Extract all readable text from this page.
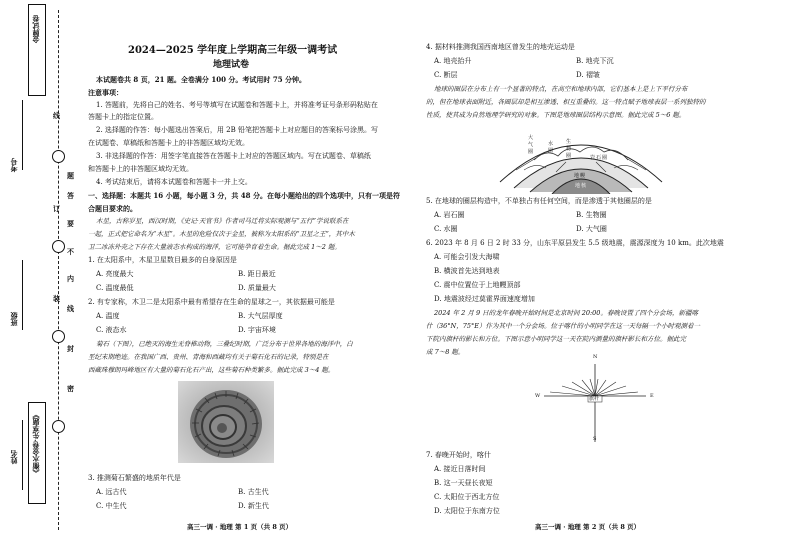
金牌试卷
《衡水金卷·先享题》
姓名
班级
考号
线
订
装
题
答
要
不
内
线
封
密
2024—2025 学年度上学期高三年级一调考试
地理试卷
本试题卷共 8 页，21 题。全卷满分 100 分。考试用时 75 分钟。
注意事项：
1. 答题前，先将自己的姓名、考号等填写在试题卷和答题卡上，并将准考证号条形码粘贴在
答题卡上的指定位置。
2. 选择题的作答：每小题选出答案后，用 2B 铅笔把答题卡上对应题目的答案标号涂黑。写
在试题卷、草稿纸和答题卡上的非答题区域均无效。
3. 非选择题的作答：用签字笔直接答在答题卡上对应的答题区域内。写在试题卷、草稿纸
和答题卡上的非答题区域均无效。
4. 考试结束后，请将本试题卷和答题卡一并上交。
一、选择题：本题共 16 小题，每小题 3 分，共 48 分。在每小题给出的四个选项中，只有一项是符
合题目要求的。
木星，古称岁星，西汉时期，《史记·天官书》作者司马迁将实际观测与“五行”学说联系在
一起，正式把它命名为“木星”。木星的危险仅次于金星，被称为太阳系的“卫星之王”，其中木
卫二冰冻外壳之下存在大量液态水构成的海洋，它可能孕育着生命。据此完成 1～2 题。
1. 在太阳系中，木星卫星数目最多的自身原因是
A. 亮度最大	B. 距日最近
C. 温度最低	D. 质量最大
2. 有专家称，木卫二是太阳系中最有希望存在生命的星球之一，其依据最可能是
A. 温度	B. 大气层厚度
C. 液态水	D. 宇宙环境
菊石（下图），已绝灭的海生无脊椎动物，三叠纪时期，广泛分布于世界各地的海洋中，白
垩纪末期绝迹。在我国广西、贵州、青海和西藏均有关于菊石化石的记录，特别是在
西藏珠穆朗玛峰地区有大量的菊石化石产出，这些菊石种类繁多。据此完成 3～4 题。
3. 推测菊石繁盛的地质年代是
A. 远古代	B. 古生代
C. 中生代	D. 新生代
高三一调 · 地理 第 1 页（共 8 页）
4. 据材料推测我国西南地区曾发生的地壳运动是
A. 地壳抬升	B. 地壳下沉
C. 断层	D. 褶皱
地球的圈层在分布上有一个显著的特点，在高空和地球内部，它们基本上是上下平行分布
的，但在地球表面附近，各圈层却是相互渗透、相互重叠的。这一特点赋予地球表层一系列独特的
性质，使其成为自然地理学研究的对象。下图是地球圈层结构示意图。据此完成 5～6 题。
大
气
圈
水
圈
生
物
圈	岩 石 圈
地 幔
地 核
5. 在地球的圈层构造中，不单独占有任何空间，而是渗透于其他圈层的是
A. 岩石圈	B. 生物圈
C. 水圈	D. 大气圈
6. 2023 年 8 月 6 日 2 时 33 分，山东平原县发生 5.5 级地震，震源深度为 10 km。此次地震
A. 可能会引发大海啸
B. 横波首先达到地表
C. 震中位置位于上地幔顶部
D. 地震波经过莫霍界面速度增加
2024 年 2 月 9 日的龙年春晚开始时间是北京时间 20:00。春晚设置了四个分会场，新疆喀
什（36°N，75°E）作为其中一个分会场。位于喀什的小明同学在这一天每隔一个小时观测着一
下院内旗杆的影长和方位。下图示意小明同学这一天在院内测量的旗杆影长和方位。据此完
成 7～8 题。
N
S
W	E
旗杆
7. 春晚开始时，喀什
A. 接近日落时间
B. 这一天昼长夜短
C. 太阳位于西北方位
D. 太阳位于东南方位
高三一调 · 地理 第 2 页（共 8 页）
